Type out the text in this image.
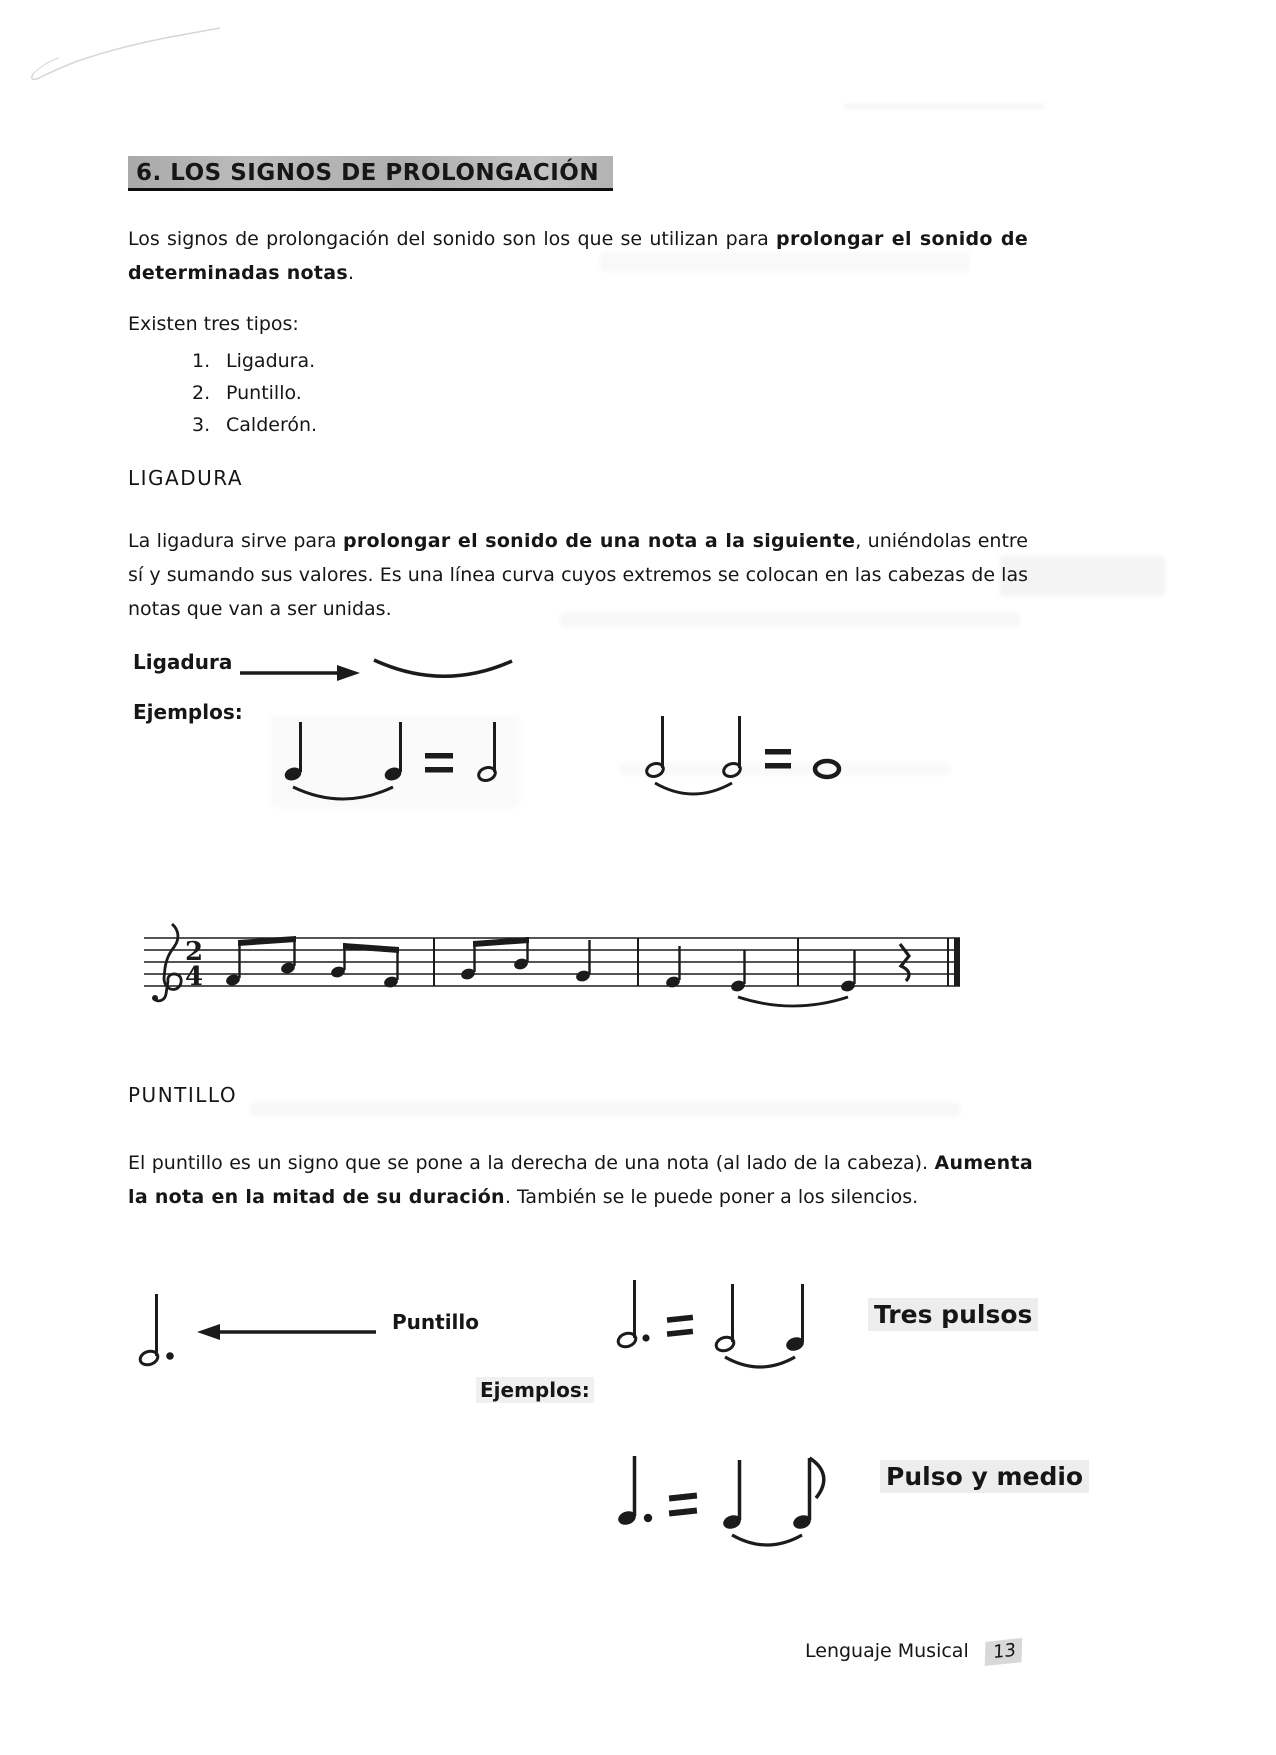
6. LOS SIGNOS DE PROLONGACIÓN
Los signos de prolongación del sonido son los que se utilizan para prolongar el sonido de determinadas notas.
Existen tres tipos:
1. Ligadura.
2. Puntillo.
3. Calderón.
LIGADURA
La ligadura sirve para prolongar el sonido de una nota a la siguiente, uniéndolas entre sí y sumando sus valores. Es una línea curva cuyos extremos se colocan en las cabezas de las notas que van a ser unidas.
Ligadura
Ejemplos:
2
4
PUNTILLO
El puntillo es un signo que se pone a la derecha de una nota (al lado de la cabeza). Aumenta la nota en la mitad de su duración. También se le puede poner a los silencios.
Puntillo
Ejemplos:
Tres pulsos
Pulso y medio
Lenguaje Musical 13
